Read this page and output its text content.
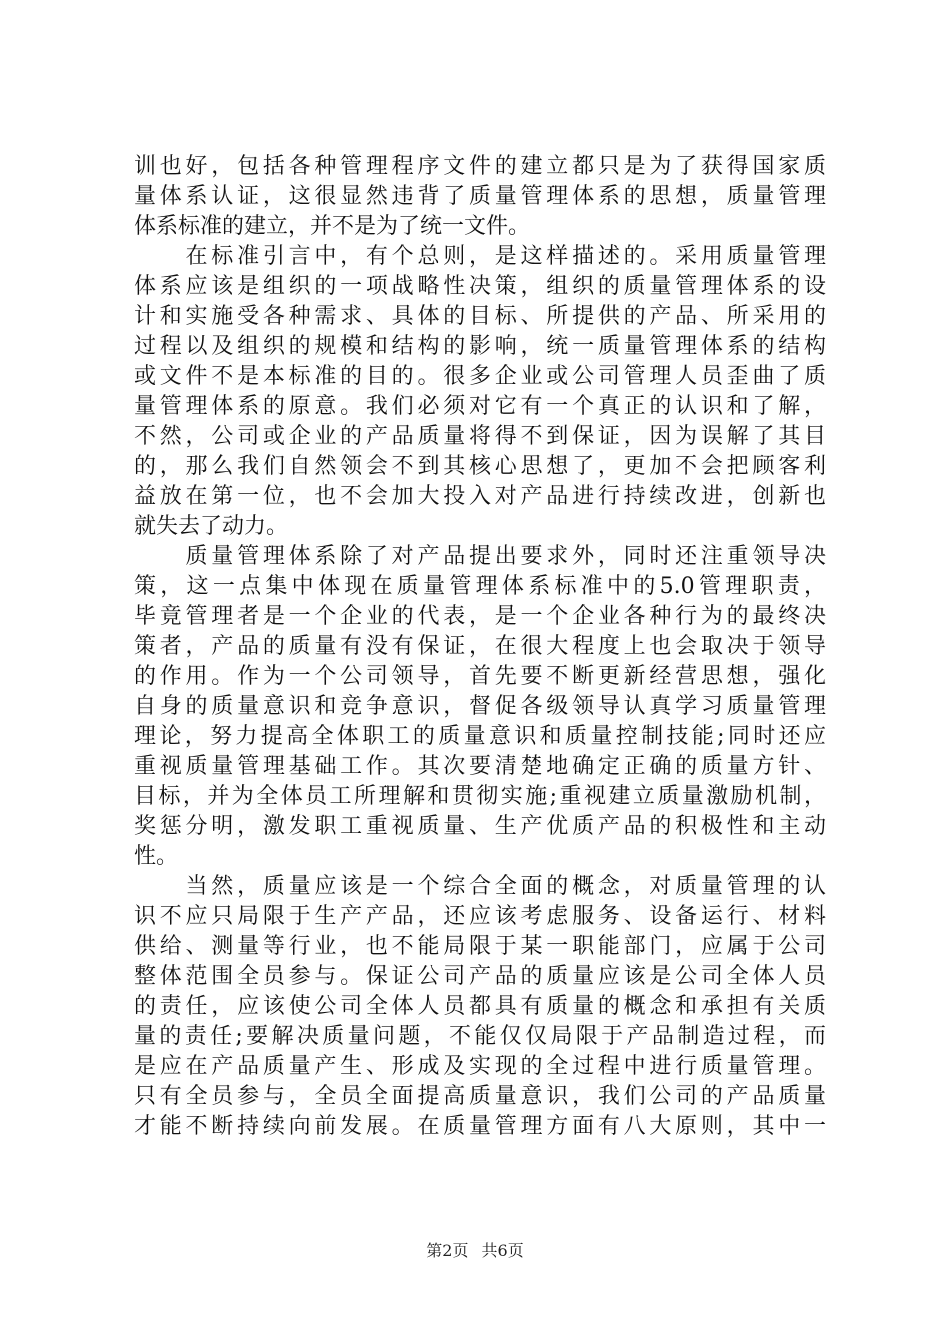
训也好，包括各种管理程序文件的建立都只是为了获得国家质
量体系认证，这很显然违背了质量管理体系的思想，质量管理
体系标准的建立，并不是为了统一文件。
　　在标准引言中，有个总则，是这样描述的。采用质量管理
体系应该是组织的一项战略性决策，组织的质量管理体系的设
计和实施受各种需求、具体的目标、所提供的产品、所采用的
过程以及组织的规模和结构的影响，统一质量管理体系的结构
或文件不是本标准的目的。很多企业或公司管理人员歪曲了质
量管理体系的原意。我们必须对它有一个真正的认识和了解，
不然，公司或企业的产品质量将得不到保证，因为误解了其目
的，那么我们自然领会不到其核心思想了，更加不会把顾客利
益放在第一位，也不会加大投入对产品进行持续改进，创新也
就失去了动力。
　　质量管理体系除了对产品提出要求外，同时还注重领导决
策，这一点集中体现在质量管理体系标准中的5.0管理职责，
毕竟管理者是一个企业的代表，是一个企业各种行为的最终决
策者，产品的质量有没有保证，在很大程度上也会取决于领导
的作用。作为一个公司领导，首先要不断更新经营思想，强化
自身的质量意识和竞争意识，督促各级领导认真学习质量管理
理论，努力提高全体职工的质量意识和质量控制技能;同时还应
重视质量管理基础工作。其次要清楚地确定正确的质量方针、
目标，并为全体员工所理解和贯彻实施;重视建立质量激励机制，
奖惩分明，激发职工重视质量、生产优质产品的积极性和主动
性。
　　当然，质量应该是一个综合全面的概念，对质量管理的认
识不应只局限于生产产品，还应该考虑服务、设备运行、材料
供给、测量等行业，也不能局限于某一职能部门，应属于公司
整体范围全员参与。保证公司产品的质量应该是公司全体人员
的责任，应该使公司全体人员都具有质量的概念和承担有关质
量的责任;要解决质量问题，不能仅仅局限于产品制造过程，而
是应在产品质量产生、形成及实现的全过程中进行质量管理。
只有全员参与，全员全面提高质量意识，我们公司的产品质量
才能不断持续向前发展。在质量管理方面有八大原则，其中一
第2页 共6页
